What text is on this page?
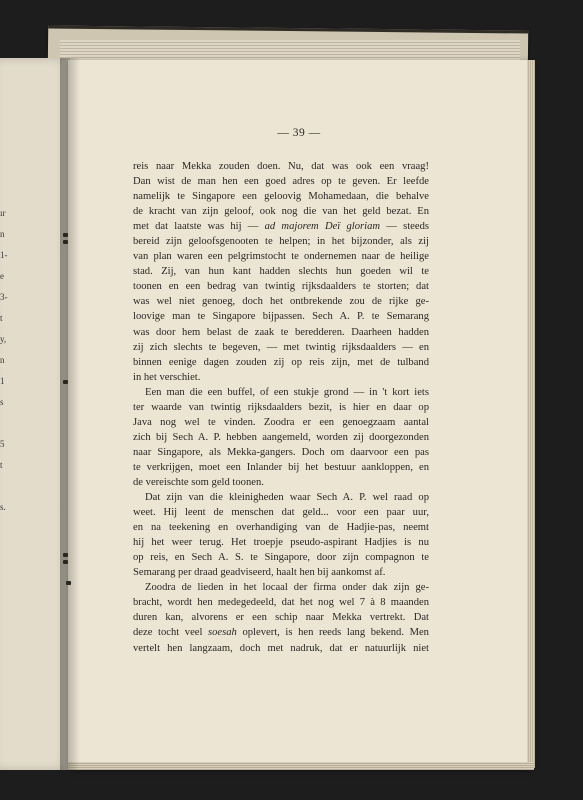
ır
n
1-
e
3-
t
y,
n
1
s
5
t
s.
— 39 —
reis naar Mekka zouden doen. Nu, dat was ook een vraag!
Dan wist de man hen een goed adres op te geven. Er leefde
namelijk te Singapore een geloovig Mohamedaan, die behalve
de kracht van zijn geloof, ook nog die van het geld bezat. En
met dat laatste was hij — ad majorem Deï gloriam — steeds
bereid zijn geloofsgenooten te helpen; in het bijzonder, als zij
van plan waren een pelgrimstocht te ondernemen naar de heilige
stad. Zij, van hun kant hadden slechts hun goeden wil te
toonen en een bedrag van twintig rijksdaalders te storten; dat
was wel niet genoeg, doch het ontbrekende zou de rijke ge-
loovige man te Singapore bijpassen. Sech A. P. te Semarang
was door hem belast de zaak te beredderen. Daarheen hadden
zij zich slechts te begeven, — met twintig rijksdaalders — en
binnen eenige dagen zouden zij op reis zijn, met de tulband
in het verschiet.
Een man die een buffel, of een stukje grond — in 't kort iets
ter waarde van twintig rijksdaalders bezit, is hier en daar op
Java nog wel te vinden. Zoodra er een genoegzaam aantal
zich bij Sech A. P. hebben aangemeld, worden zij doorgezonden
naar Singapore, als Mekka-gangers. Doch om daarvoor een pas
te verkrijgen, moet een Inlander bij het bestuur aankloppen, en
de vereischte som geld toonen.
Dat zijn van die kleinigheden waar Sech A. P. wel raad op
weet. Hij leent de menschen dat geld... voor een paar uur,
en na teekening en overhandiging van de Hadjie-pas, neemt
hij het weer terug. Het troepje pseudo-aspirant Hadjies is nu
op reis, en Sech A. S. te Singapore, door zijn compagnon te
Semarang per draad geadviseerd, haalt hen bij aankomst af.
Zoodra de lieden in het locaal der firma onder dak zijn ge-
bracht, wordt hen medegedeeld, dat het nog wel 7 à 8 maanden
duren kan, alvorens er een schip naar Mekka vertrekt. Dat
deze tocht veel soesah oplevert, is hen reeds lang bekend. Men
vertelt hen langzaam, doch met nadruk, dat er natuurlijk niet
